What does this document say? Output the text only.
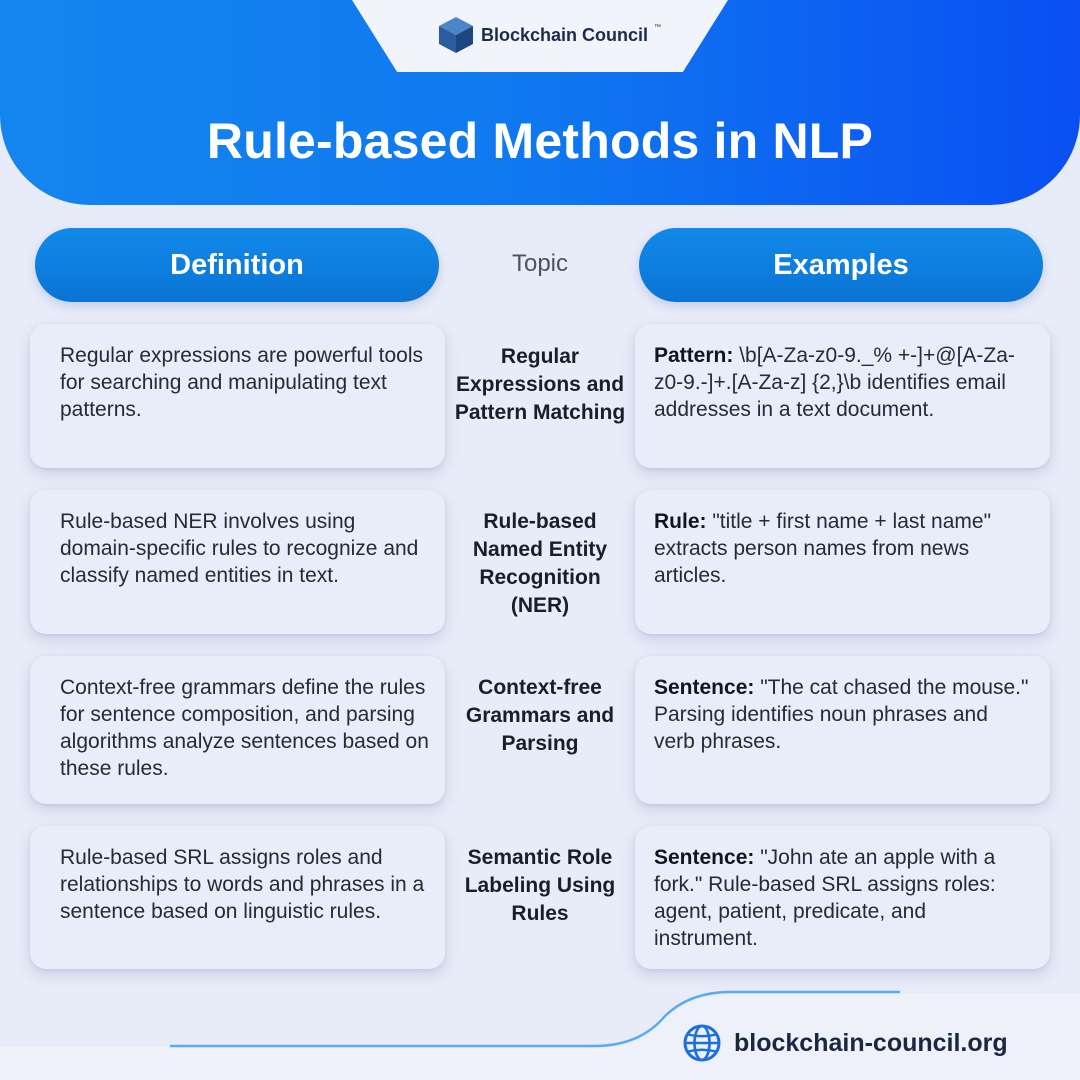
Blockchain Council ™
Rule-based Methods in NLP
Definition	Topic	Examples
Regular expressions are powerful tools for searching and manipulating text patterns.
Regular Expressions and Pattern Matching
Pattern: \b[A-Za-z0-9._% +-]+@[A-Za-z0-9.-]+.[A-Za-z] {2,}\b identifies email addresses in a text document.
Rule-based NER involves using domain-specific rules to recognize and classify named entities in text.
Rule-based Named Entity Recognition (NER)
Rule: "title + first name + last name" extracts person names from news articles.
Context-free grammars define the rules for sentence composition, and parsing algorithms analyze sentences based on these rules.
Context-free Grammars and Parsing
Sentence: "The cat chased the mouse." Parsing identifies noun phrases and verb phrases.
Rule-based SRL assigns roles and relationships to words and phrases in a sentence based on linguistic rules.
Semantic Role Labeling Using Rules
Sentence: "John ate an apple with a fork." Rule-based SRL assigns roles: agent, patient, predicate, and instrument.
blockchain-council.org
